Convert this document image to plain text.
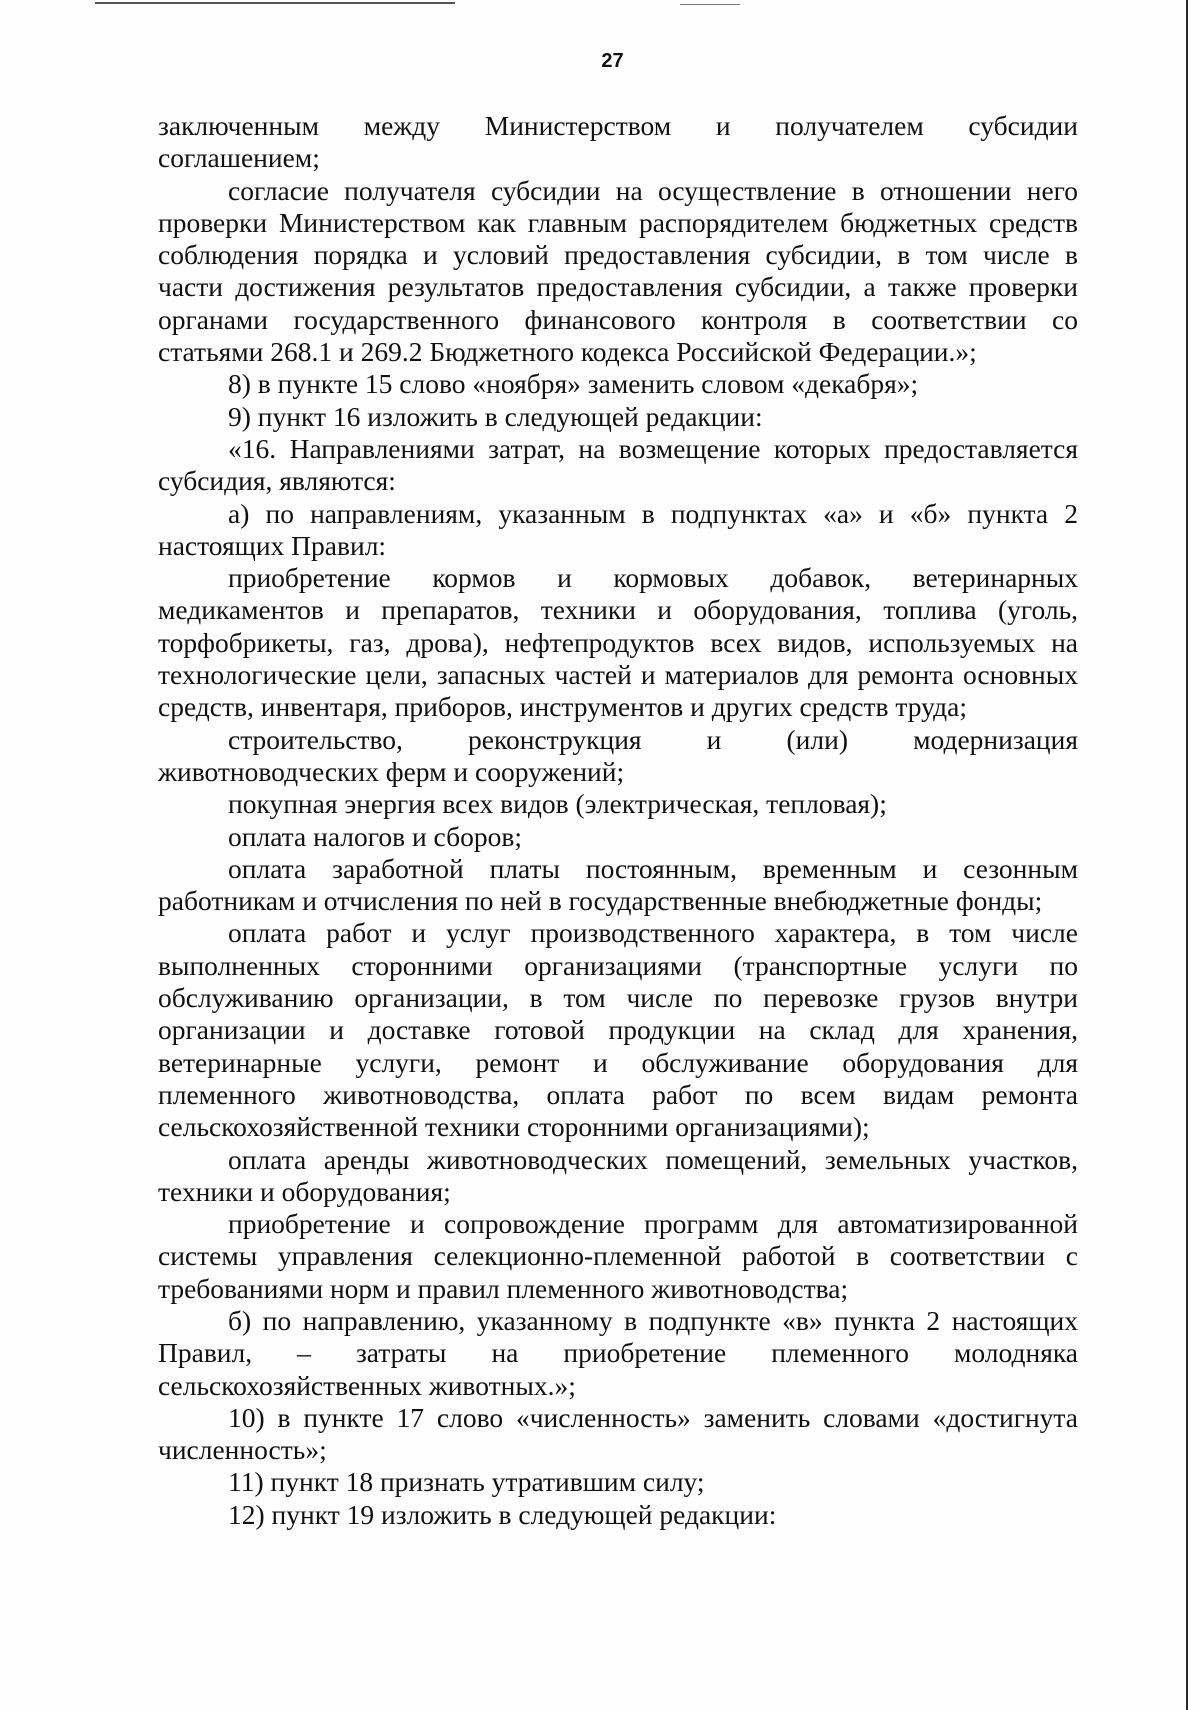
27
заключенным между Министерством и получателем субсидии
соглашением;
согласие получателя субсидии на осуществление в отношении него
проверки Министерством как главным распорядителем бюджетных средств
соблюдения порядка и условий предоставления субсидии, в том числе в
части достижения результатов предоставления субсидии, а также проверки
органами государственного финансового контроля в соответствии со
статьями 268.1 и 269.2 Бюджетного кодекса Российской Федерации.»;
8) в пункте 15 слово «ноября» заменить словом «декабря»;
9) пункт 16 изложить в следующей редакции:
«16. Направлениями затрат, на возмещение которых предоставляется
субсидия, являются:
а) по направлениям, указанным в подпунктах «а» и «б» пункта 2
настоящих Правил:
приобретение кормов и кормовых добавок, ветеринарных
медикаментов и препаратов, техники и оборудования, топлива (уголь,
торфобрикеты, газ, дрова), нефтепродуктов всех видов, используемых на
технологические цели, запасных частей и материалов для ремонта основных
средств, инвентаря, приборов, инструментов и других средств труда;
строительство, реконструкция и (или) модернизация
животноводческих ферм и сооружений;
покупная энергия всех видов (электрическая, тепловая);
оплата налогов и сборов;
оплата заработной платы постоянным, временным и сезонным
работникам и отчисления по ней в государственные внебюджетные фонды;
оплата работ и услуг производственного характера, в том числе
выполненных сторонними организациями (транспортные услуги по
обслуживанию организации, в том числе по перевозке грузов внутри
организации и доставке готовой продукции на склад для хранения,
ветеринарные услуги, ремонт и обслуживание оборудования для
племенного животноводства, оплата работ по всем видам ремонта
сельскохозяйственной техники сторонними организациями);
оплата аренды животноводческих помещений, земельных участков,
техники и оборудования;
приобретение и сопровождение программ для автоматизированной
системы управления селекционно-племенной работой в соответствии с
требованиями норм и правил племенного животноводства;
б) по направлению, указанному в подпункте «в» пункта 2 настоящих
Правил, – затраты на приобретение племенного молодняка
сельскохозяйственных животных.»;
10) в пункте 17 слово «численность» заменить словами «достигнута
численность»;
11) пункт 18 признать утратившим силу;
12) пункт 19 изложить в следующей редакции:
